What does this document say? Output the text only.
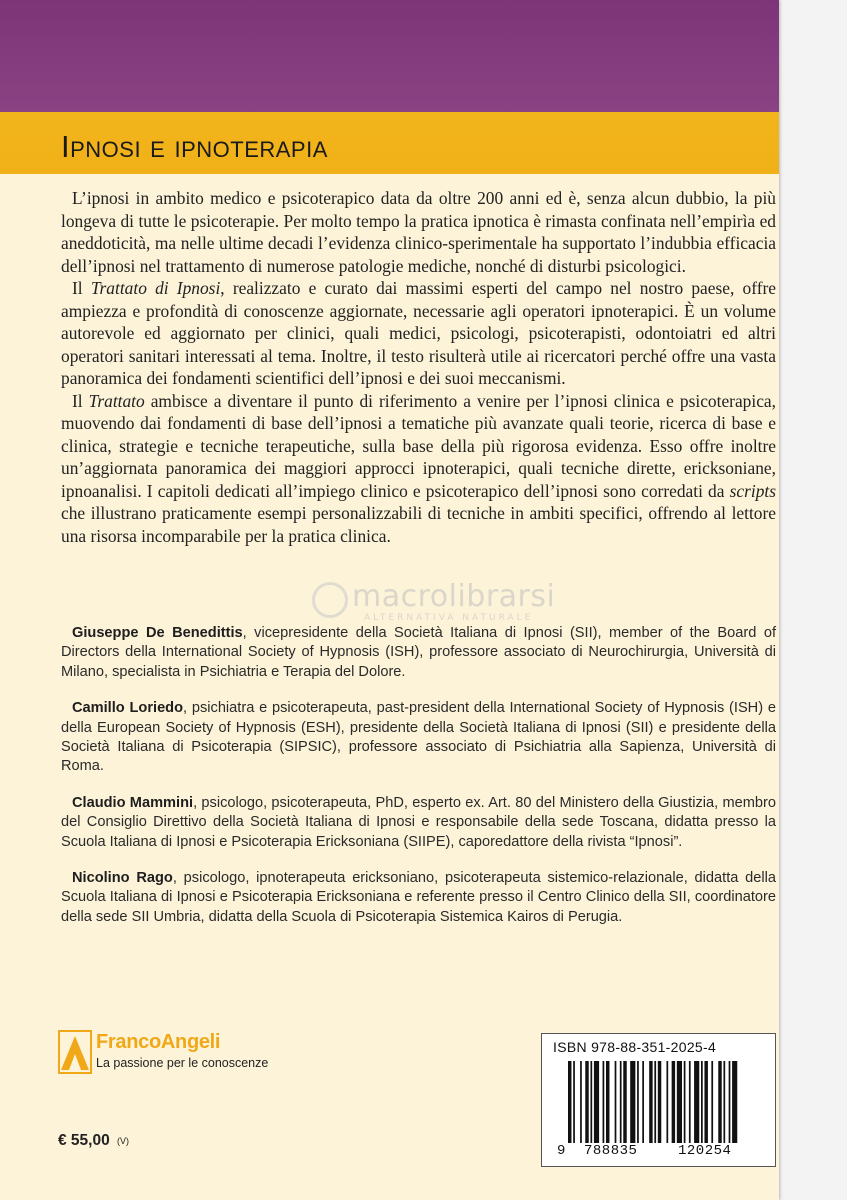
Ipnosi e ipnoterapia

L’ipnosi in ambito medico e psicoterapico data da oltre 200 anni ed è, senza alcun dubbio, la più longeva di tutte le psicoterapie. Per molto tempo la pratica ipnotica è rimasta confinata nell’empirìa ed aneddoticità, ma nelle ultime decadi l’evidenza clinico-sperimentale ha supportato l’indubbia efficacia dell’ipnosi nel trattamento di numerose patologie mediche, nonché di disturbi psicologici.

Il Trattato di Ipnosi, realizzato e curato dai massimi esperti del campo nel nostro paese, offre ampiezza e profondità di conoscenze aggiornate, necessarie agli operatori ipnoterapici. È un volume autorevole ed aggiornato per clinici, quali medici, psicologi, psicoterapisti, odontoiatri ed altri operatori sanitari interessati al tema. Inoltre, il testo risulterà utile ai ricercatori perché offre una vasta panoramica dei fondamenti scientifici dell’ipnosi e dei suoi meccanismi.

Il Trattato ambisce a diventare il punto di riferimento a venire per l’ipnosi clinica e psicoterapica, muovendo dai fondamenti di base dell’ipnosi a tematiche più avanzate quali teorie, ricerca di base e clinica, strategie e tecniche terapeutiche, sulla base della più rigorosa evidenza. Esso offre inoltre un’aggiornata panoramica dei maggiori approcci ipnoterapici, quali tecniche dirette, ericksoniane, ipnoanalisi. I capitoli dedicati all’impiego clinico e psicoterapico dell’ipnosi sono corredati da scripts che illustrano praticamente esempi personalizzabili di tecniche in ambiti specifici, offrendo al lettore una risorsa incomparabile per la pratica clinica.

macrolibrarsi
ALTERNATIVA NATURALE

Giuseppe De Benedittis, vicepresidente della Società Italiana di Ipnosi (SII), member of the Board of Directors della International Society of Hypnosis (ISH), professore associato di Neurochirurgia, Università di Milano, specialista in Psichiatria e Terapia del Dolore.

Camillo Loriedo, psichiatra e psicoterapeuta, past-president della International Society of Hypnosis (ISH) e della European Society of Hypnosis (ESH), presidente della Società Italiana di Ipnosi (SII) e presidente della Società Italiana di Psicoterapia (SIPSIC), professore associato di Psichiatria alla Sapienza, Università di Roma.

Claudio Mammini, psicologo, psicoterapeuta, PhD, esperto ex. Art. 80 del Ministero della Giustizia, membro del Consiglio Direttivo della Società Italiana di Ipnosi e responsabile della sede Toscana, didatta presso la Scuola Italiana di Ipnosi e Psicoterapia Ericksoniana (SIIPE), caporedattore della rivista “Ipnosi”.

Nicolino Rago, psicologo, ipnoterapeuta ericksoniano, psicoterapeuta sistemico-relazionale, didatta della Scuola Italiana di Ipnosi e Psicoterapia Ericksoniana e referente presso il Centro Clinico della SII, coordinatore della sede SII Umbria, didatta della Scuola di Psicoterapia Sistemica Kairos di Perugia.

FrancoAngeli
La passione per le conoscenze
€ 55,00 (V)
ISBN 978-88-351-2025-4
9 788835	120254
